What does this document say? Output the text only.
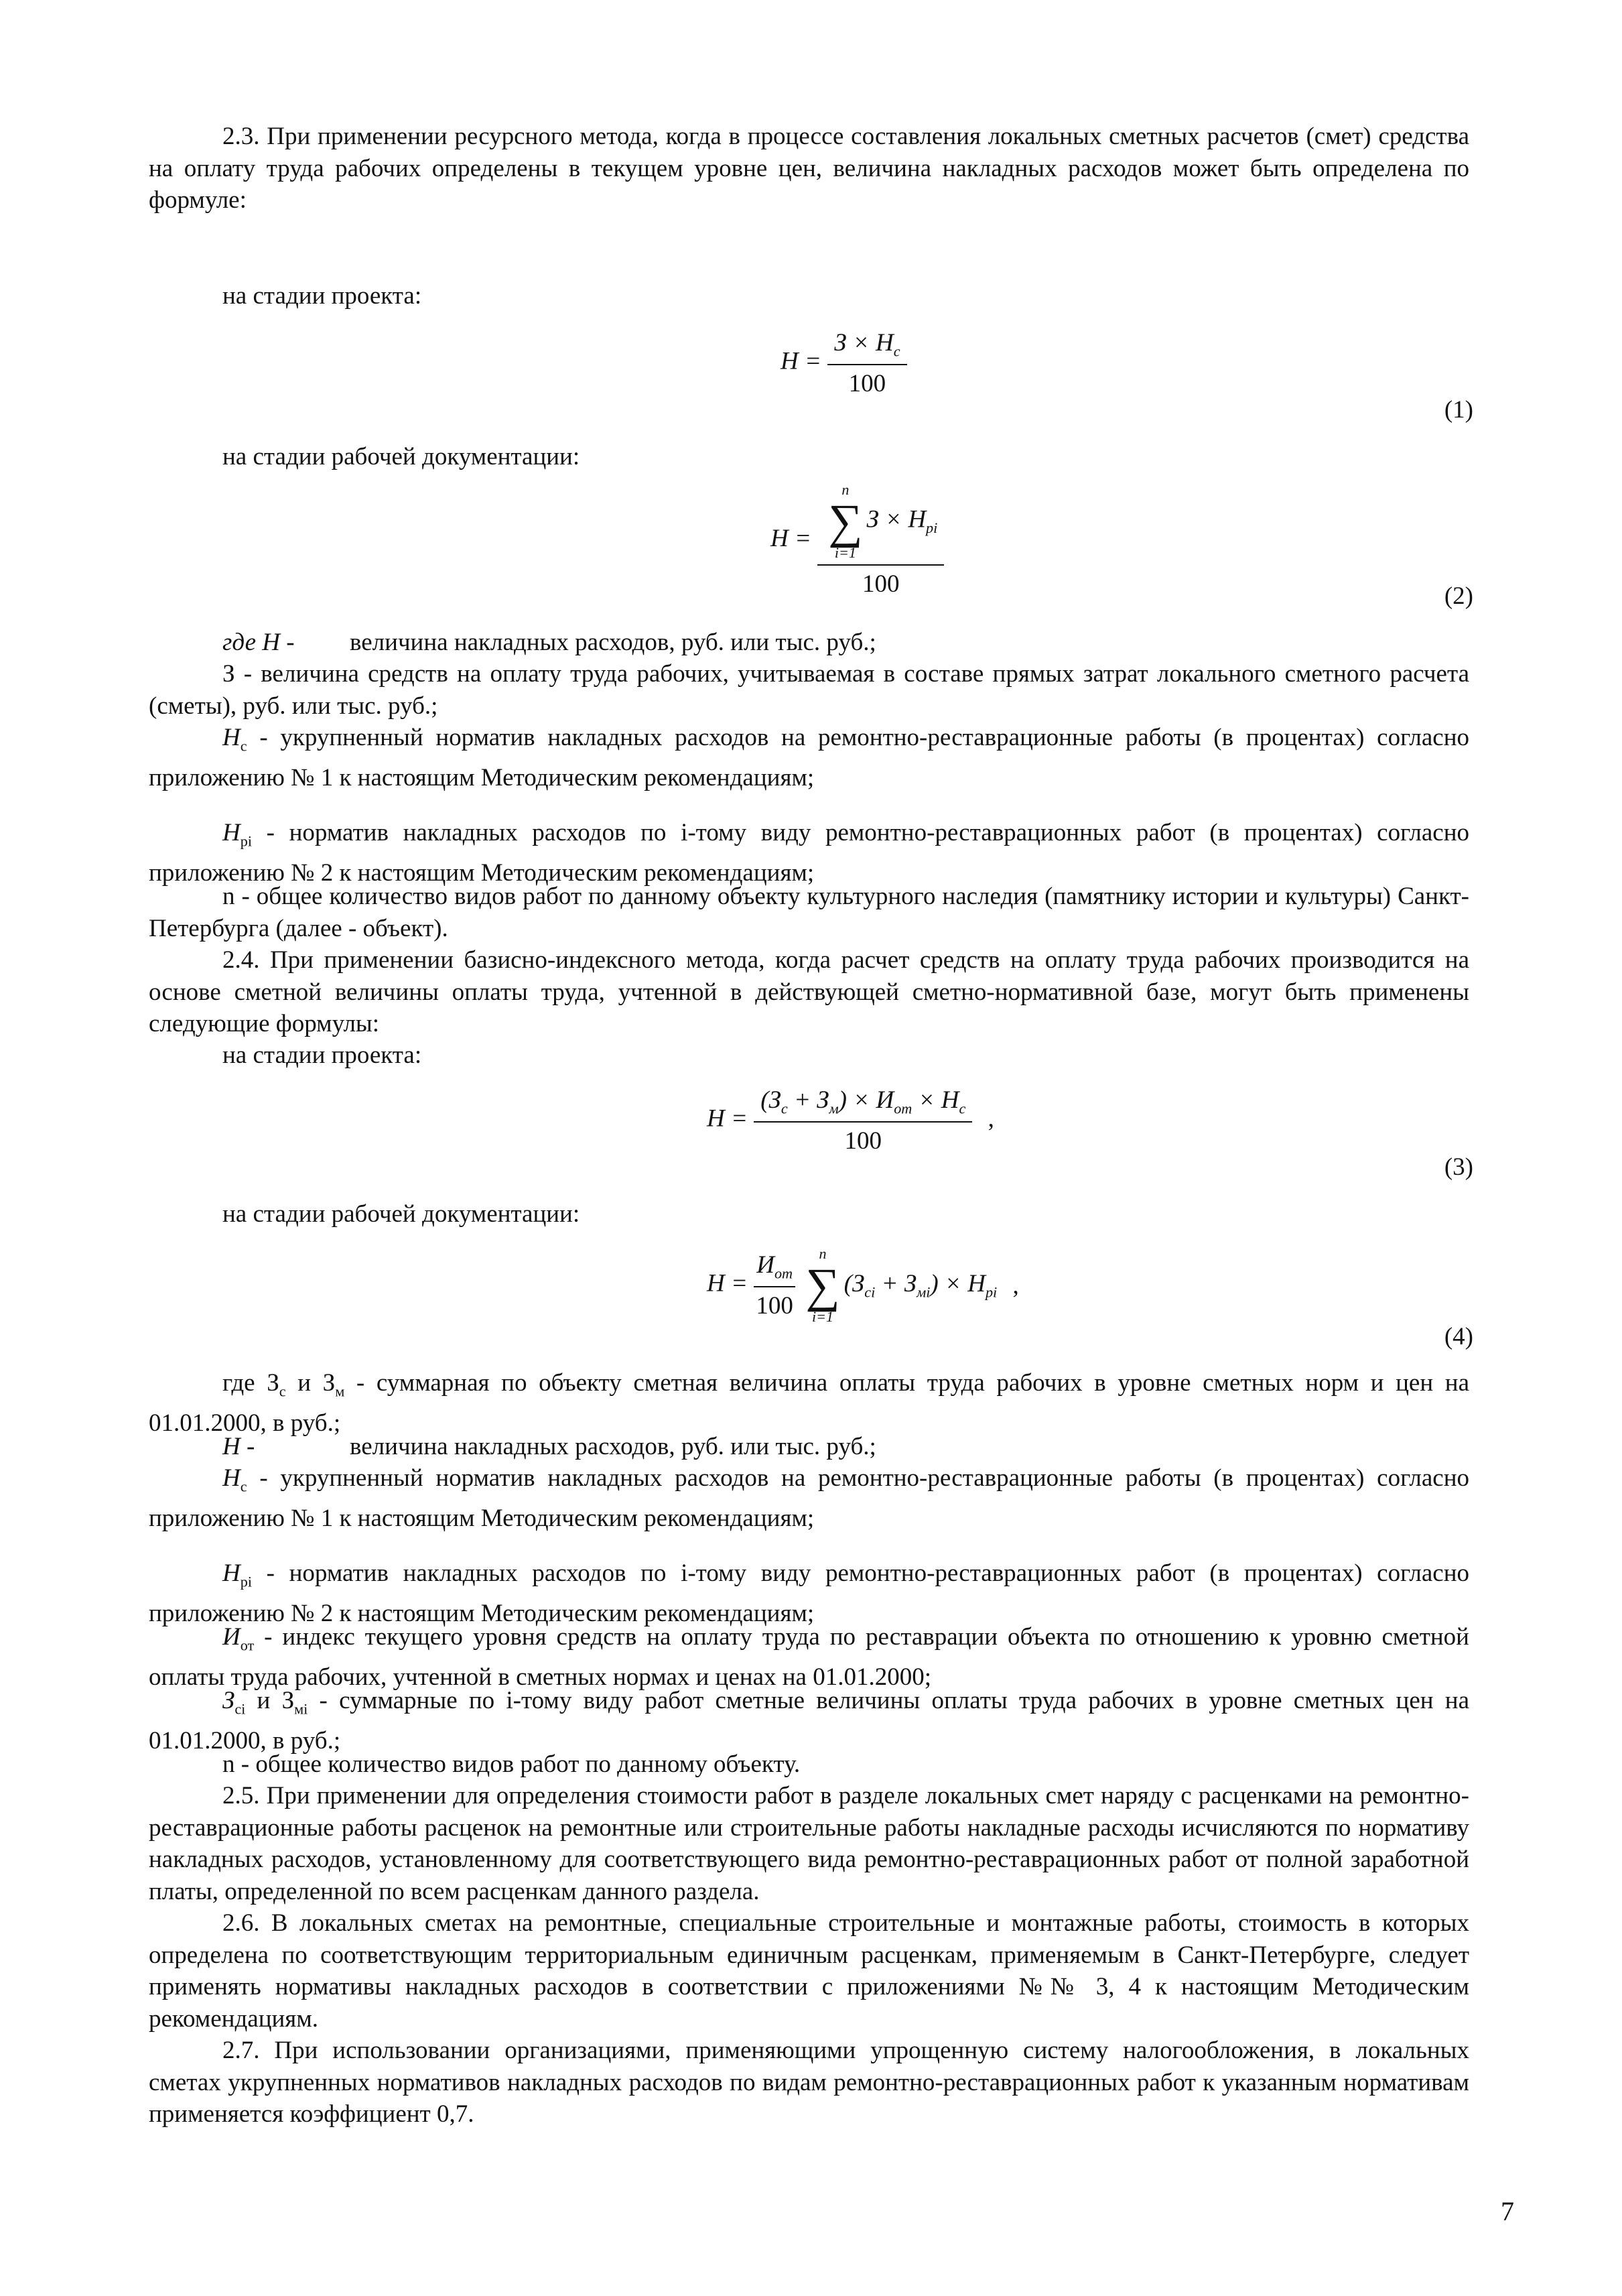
2.3. При применении ресурсного метода, когда в процессе составления локальных сметных расчетов (смет) средства на оплату труда рабочих определены в текущем уровне цен, величина накладных расходов может быть определена по формуле:

на стадии проекта:

$Н = \frac{З \times Н_с}{100}$
(1)

на стадии рабочей документации:

Н = n
∑
i=1
$З \times Н_{pi}$
100	(2)

где Н - величина накладных расходов, руб. или тыс. руб.;

З - величина средств на оплату труда рабочих, учитываемая в составе прямых затрат локального сметного расчета (сметы), руб. или тыс. руб.;

$Н_с$ - укрупненный норматив накладных расходов на ремонтно-реставрационные работы (в процентах) согласно приложению № 1 к настоящим Методическим рекомендациям;

$Н_{pi}$ - норматив накладных расходов по i-тому виду ремонтно-реставрационных работ (в процентах) согласно приложению № 2 к настоящим Методическим рекомендациям;

n - общее количество видов работ по данному объекту культурного наследия (памятнику истории и культуры) Санкт-Петербурга (далее - объект).

2.4. При применении базисно-индексного метода, когда расчет средств на оплату труда рабочих производится на основе сметной величины оплаты труда, учтенной в действующей сметно-нормативной базе, могут быть применены следующие формулы:

на стадии проекта:

$Н = \frac{(З_с + З_м) \times И_{от} \times Н_с}{100}$ ,
(3)

на стадии рабочей документации:

$Н = \frac{И_{от}}{100}$
	n
∑
i=1
$(З_{ci} + З_{мi}) \times Н_{pi}$ ,
(4)

где $З_с$ и $З_м$ - суммарная по объекту сметная величина оплаты труда рабочих в уровне сметных норм и цен на 01.01.2000, в руб.;

Н -	величина накладных расходов, руб. или тыс. руб.;

$Н_с$ - укрупненный норматив накладных расходов на ремонтно-реставрационные работы (в процентах) согласно приложению № 1 к настоящим Методическим рекомендациям;

$Н_{pi}$ - норматив накладных расходов по i-тому виду ремонтно-реставрационных работ (в процентах) согласно приложению № 2 к настоящим Методическим рекомендациям;

$И_{от}$ - индекс текущего уровня средств на оплату труда по реставрации объекта по отношению к уровню сметной оплаты труда рабочих, учтенной в сметных нормах и ценах на 01.01.2000;

$З_{ci}$ и $З_{мi}$ - суммарные по i-тому виду работ сметные величины оплаты труда рабочих в уровне сметных цен на 01.01.2000, в руб.;

n - общее количество видов работ по данному объекту.

2.5. При применении для определения стоимости работ в разделе локальных смет наряду с расценками на ремонтно-реставрационные работы расценок на ремонтные или строительные работы накладные расходы исчисляются по нормативу накладных расходов, установленному для соответствующего вида ремонтно-реставрационных работ от полной заработной платы, определенной по всем расценкам данного раздела.

2.6. В локальных сметах на ремонтные, специальные строительные и монтажные работы, стоимость в которых определена по соответствующим территориальным единичным расценкам, применяемым в Санкт-Петербурге, следует применять нормативы накладных расходов в соответствии с приложениями №№ 3, 4 к настоящим Методическим рекомендациям.

2.7. При использовании организациями, применяющими упрощенную систему налогообложения, в локальных сметах укрупненных нормативов накладных расходов по видам ремонтно-реставрационных работ к указанным нормативам применяется коэффициент 0,7.

7
